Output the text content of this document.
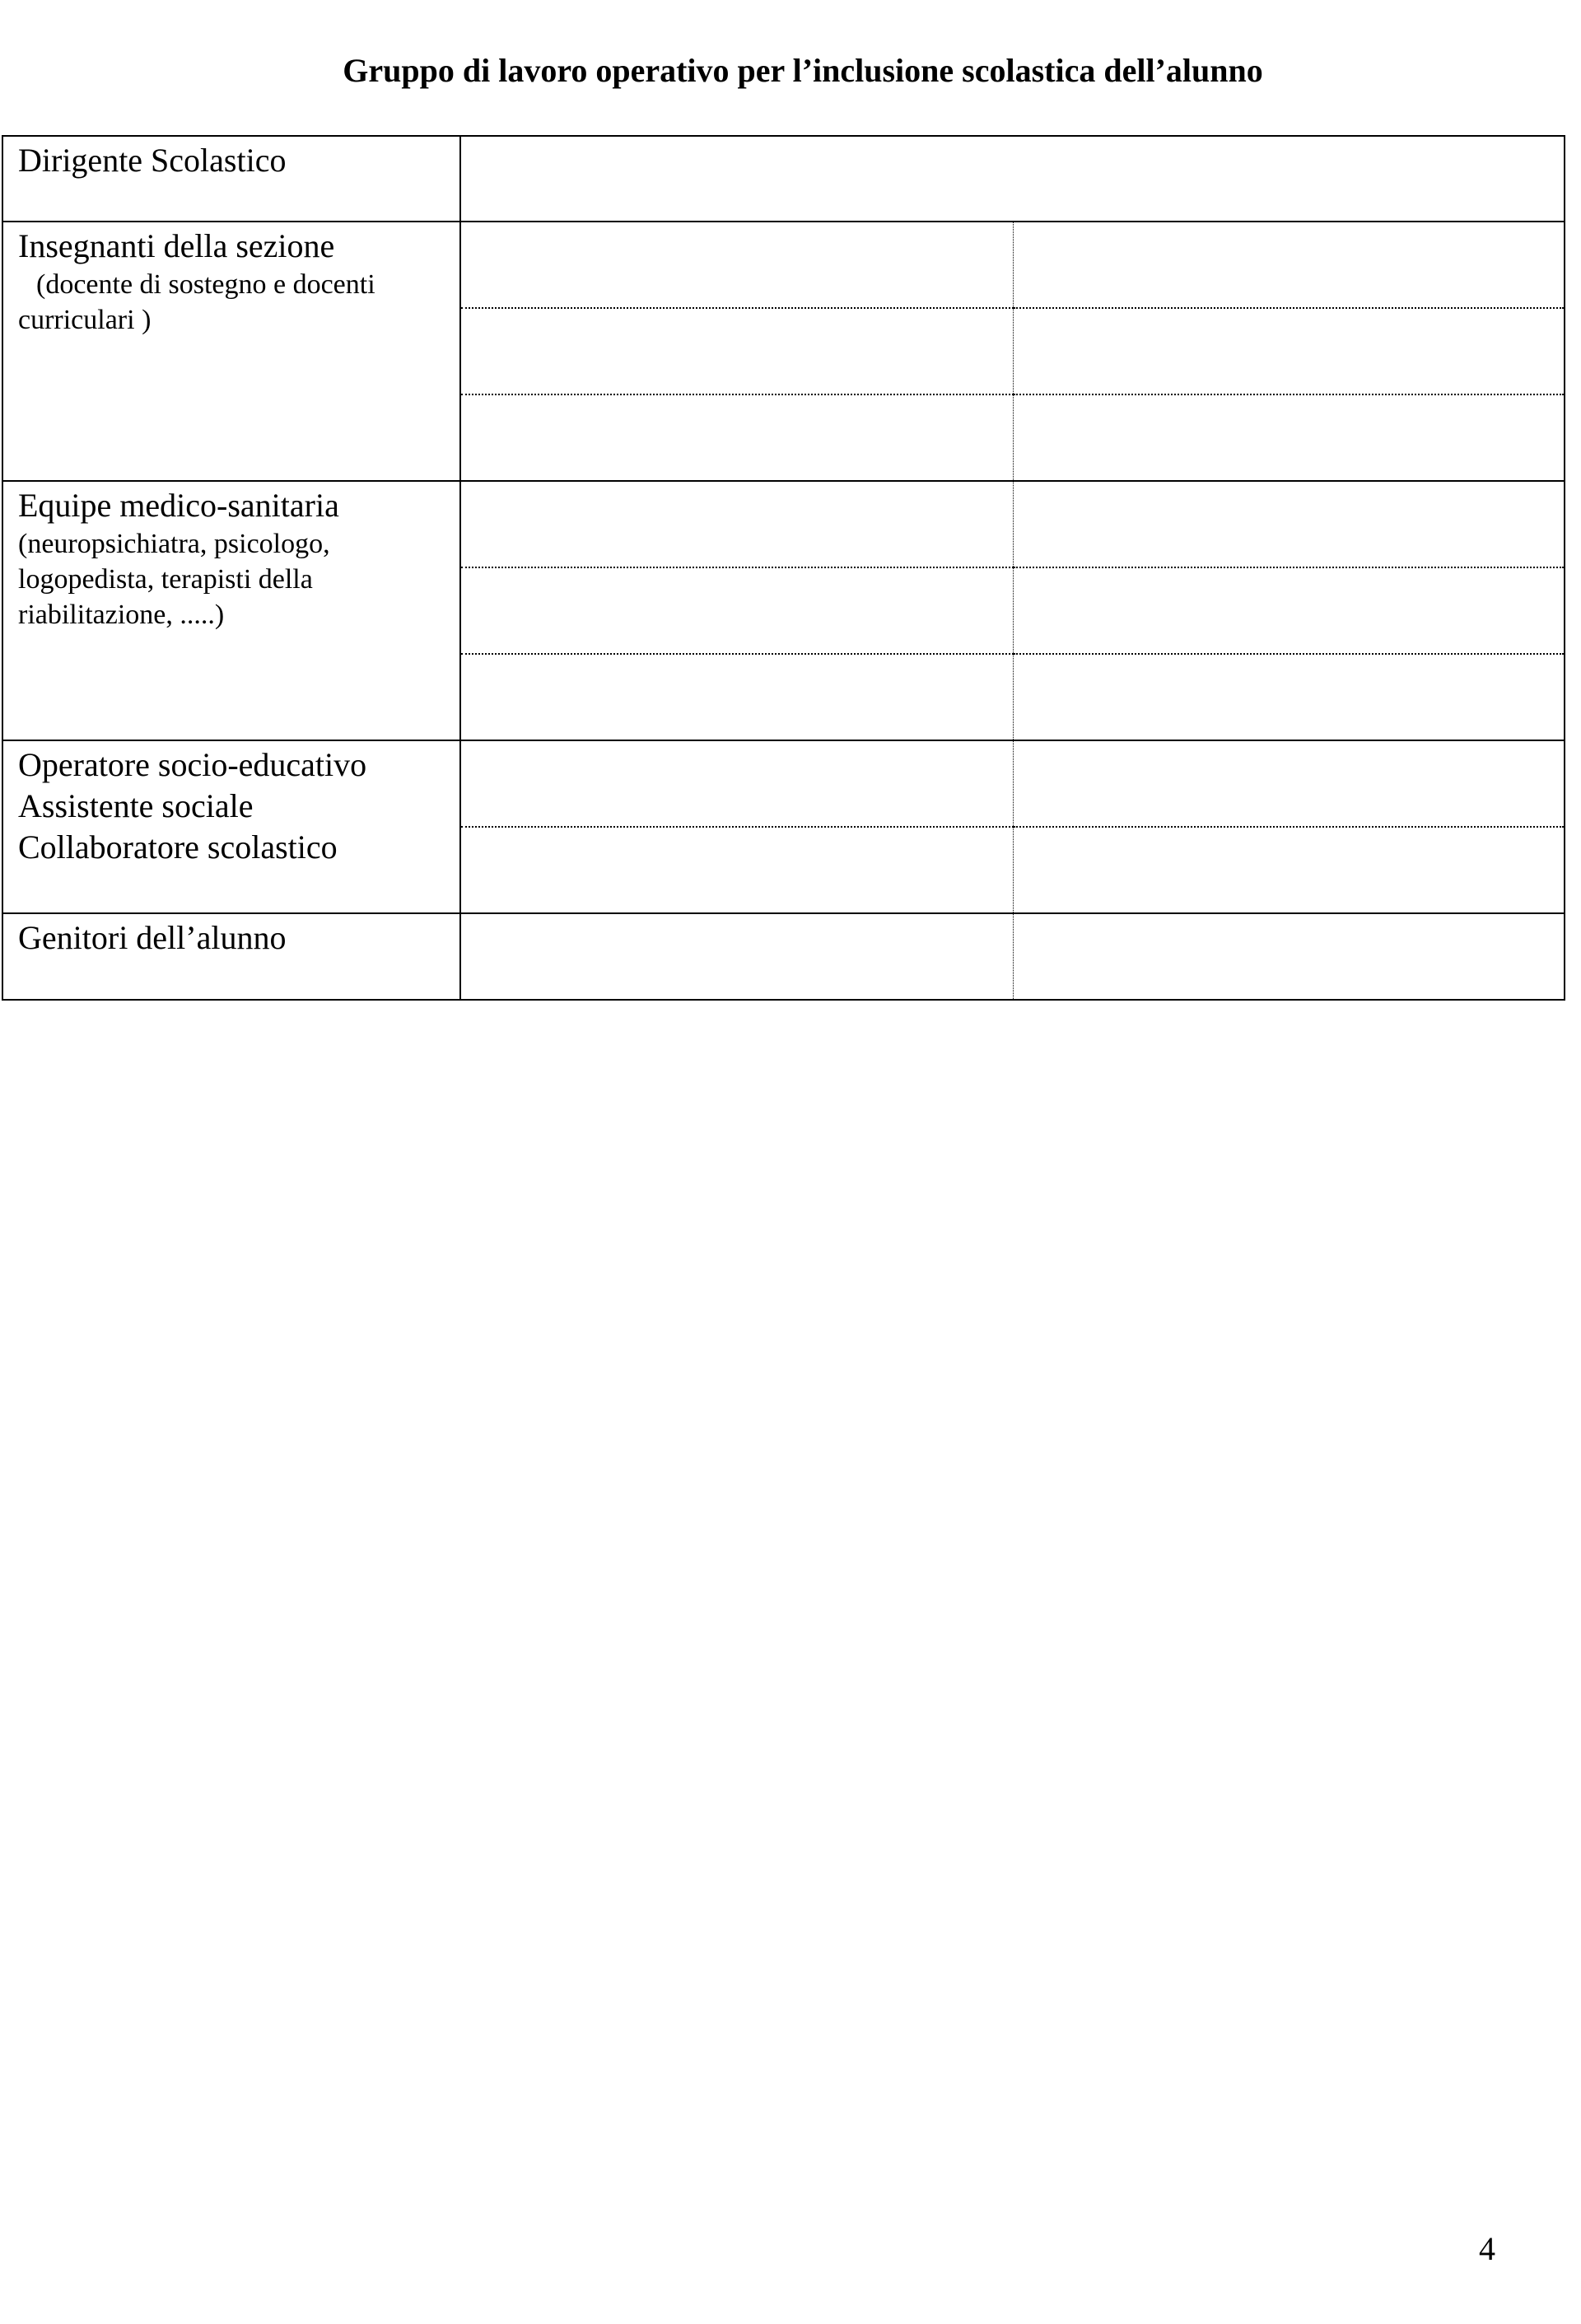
Gruppo di lavoro operativo per l’inclusione scolastica dell’alunno
Dirigente Scolastico		

Insegnanti della sezione
(docente di sostegno e docenti
curriculari )		

Equipe medico-sanitaria
(neuropsichiatra, psicologo,
logopedista, terapisti della
riabilitazione, .....)		

Operatore socio-educativo
Assistente sociale
Collaboratore scolastico		

Genitori dell’alunno		

4
